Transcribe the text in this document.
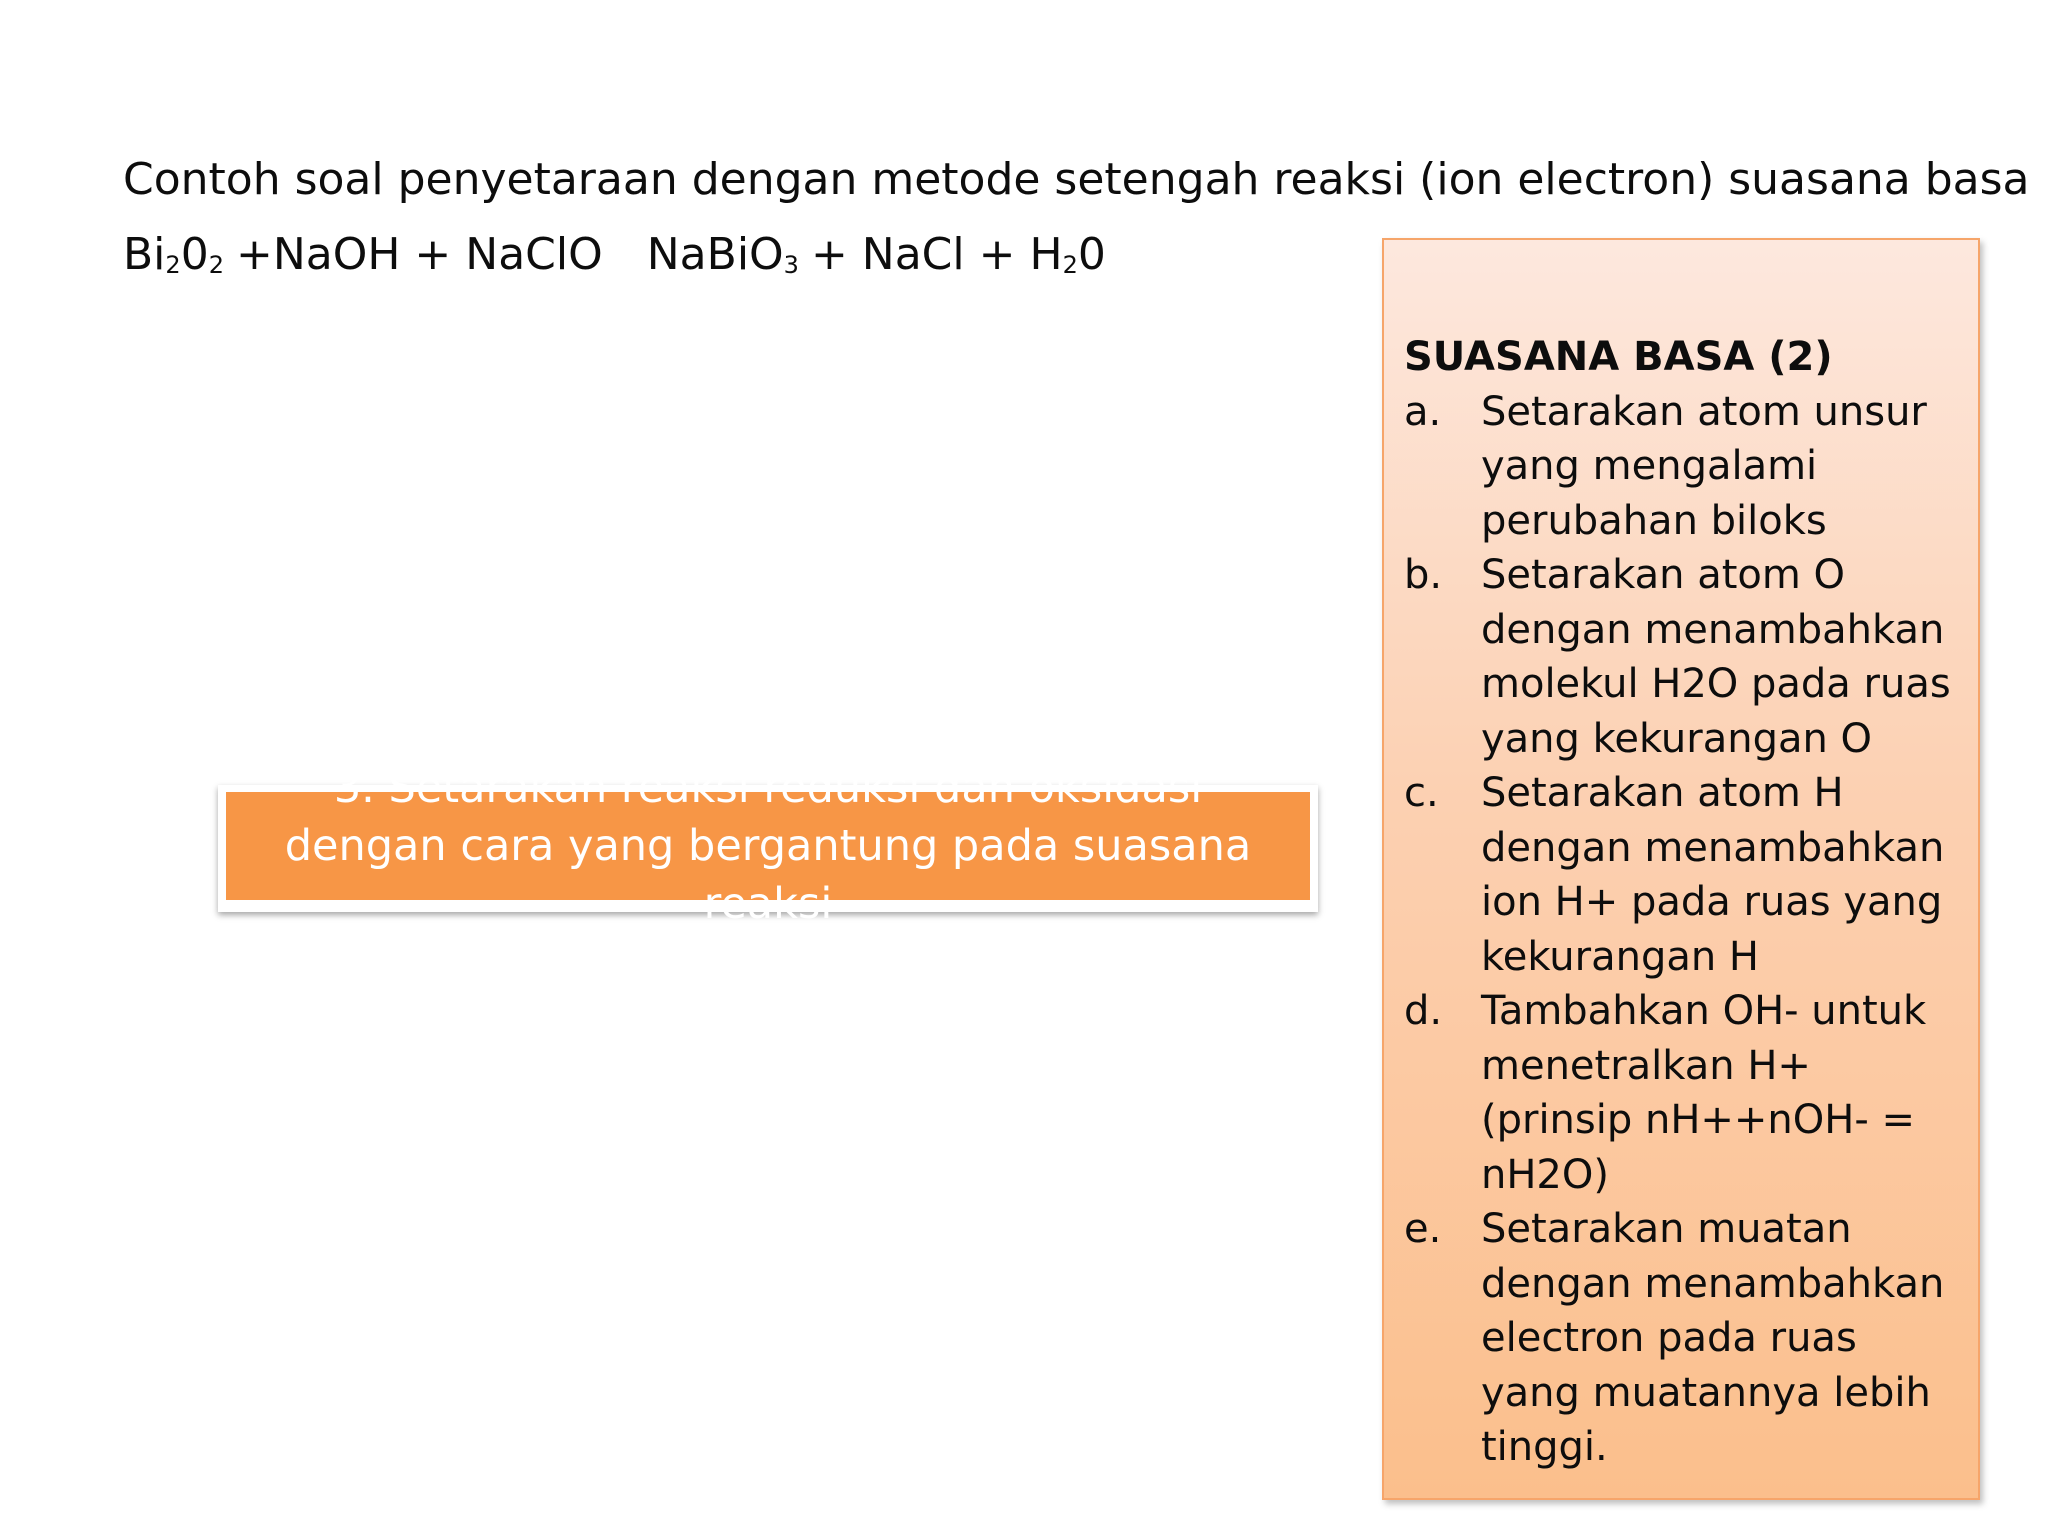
Contoh soal penyetaraan dengan metode setengah reaksi (ion electron) suasana basa
$Bi_20_2$ +NaOH + NaClO NaBiO$_3$ + NaCl + $H_20$
3. Setarakan reaksi reduksi dan oksidasi dengan cara yang bergantung pada suasana reaksi

SUASANA BASA (2)

a. Setarakan atom unsur yang mengalami perubahan biloks
b. Setarakan atom O dengan menambahkan molekul H2O pada ruas yang kekurangan O
c.	Setarakan atom H dengan menambahkan ion H+ pada ruas yang kekurangan H
d. Tambahkan OH- untuk menetralkan H+ (prinsip nH++nOH- = nH2O)
e. Setarakan muatan dengan menambahkan electron pada ruas yang muatannya lebih tinggi.
